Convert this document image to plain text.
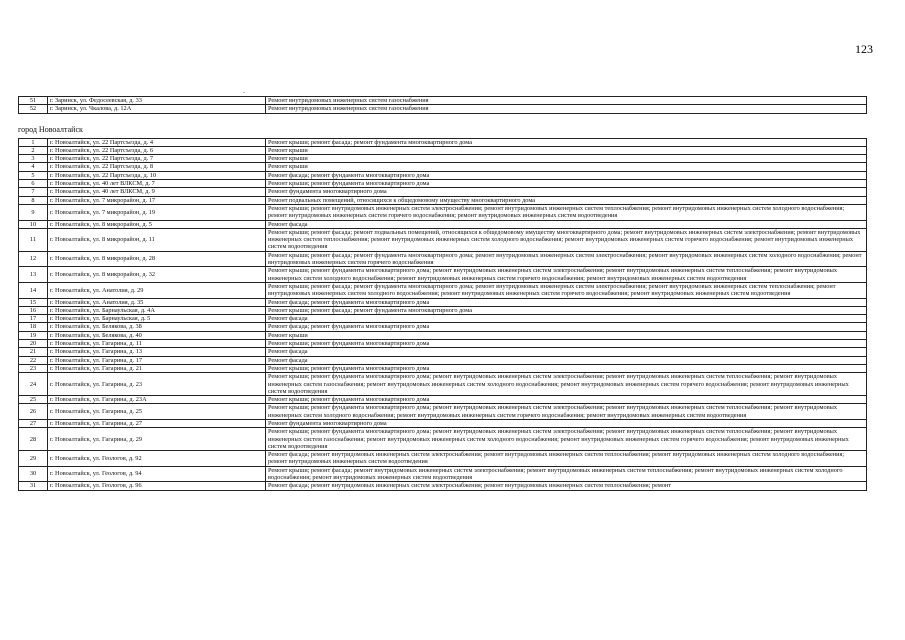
123
.
51	г. Заринск, ул. Федосеевская, д. 33	Ремонт внутридомовых инженерных систем газоснабжения
52	г. Заринск, ул. Чкалова, д. 12А	Ремонт внутридомовых инженерных систем газоснабжения
город Новоалтайск
1	г. Новоалтайск, ул. 22 Партсъезда, д. 4	Ремонт крыши; ремонт фасада; ремонт фундамента многоквартирного дома
2	г. Новоалтайск, ул. 22 Партсъезда, д. 6	Ремонт крыши
3	г. Новоалтайск, ул. 22 Партсъезда, д. 7	Ремонт крыши
4	г. Новоалтайск, ул. 22 Партсъезда, д. 8	Ремонт крыши
5	г. Новоалтайск, ул. 22 Партсъезда, д. 10	Ремонт фасада; ремонт фундамента многоквартирного дома
6	г. Новоалтайск, ул. 40 лет ВЛКСМ, д. 7	Ремонт крыши; ремонт фундамента многоквартирного дома
7	г. Новоалтайск, ул. 40 лет ВЛКСМ, д. 9	Ремонт фундамента многоквартирного дома
8	г. Новоалтайск, ул. 7 микрорайон, д. 17	Ремонт подвальных помещений, относящихся к общедомовому имуществу многоквартирного дома
9	г. Новоалтайск, ул. 7 микрорайон, д. 19
Ремонт крыши; ремонт внутридомовых инженерных систем электроснабжения; ремонт внутридомовых инженерных систем теплоснабжения; ремонт внутридомовых инженерных систем холодного водоснабжения; ремонт внутридомовых инженерных систем горячего водоснабжения; ремонт внутридомовых инженерных систем водоотведения
10	г. Новоалтайск, ул. 8 микрорайон, д. 5	Ремонт фасада
11	г. Новоалтайск, ул. 8 микрорайон, д. 11
Ремонт крыши; ремонт фасада; ремонт подвальных помещений, относящихся к общедомовому имуществу многоквартирного дома; ремонт внутридомовых инженерных систем электроснабжения; ремонт внутридомовых инженерных систем теплоснабжения; ремонт внутридомовых инженерных систем холодного водоснабжения; ремонт внутридомовых инженерных систем горячего водоснабжения; ремонт внутридомовых инженерных систем водоотведения
12	г. Новоалтайск, ул. 8 микрорайон, д. 28
Ремонт крыши; ремонт фасада; ремонт фундамента многоквартирного дома; ремонт внутридомовых инженерных систем электроснабжения; ремонт внутридомовых инженерных систем холодного водоснабжения; ремонт внутридомовых инженерных систем горячего водоснабжения
13	г. Новоалтайск, ул. 8 микрорайон, д. 32
Ремонт крыши; ремонт фундамента многоквартирного дома; ремонт внутридомовых инженерных систем электроснабжения; ремонт внутридомовых инженерных систем теплоснабжения; ремонт внутридомовых инженерных систем холодного водоснабжения; ремонт внутридомовых инженерных систем горячего водоснабжения; ремонт внутридомовых инженерных систем водоотведения
14	г. Новоалтайск, ул. Анатолия, д. 29
Ремонт крыши; ремонт фасада; ремонт фундамента многоквартирного дома; ремонт внутридомовых инженерных систем электроснабжения; ремонт внутридомовых инженерных систем теплоснабжения; ремонт внутридомовых инженерных систем холодного водоснабжения; ремонт внутридомовых инженерных систем горячего водоснабжения; ремонт внутридомовых инженерных систем водоотведения
15	г. Новоалтайск, ул. Анатолия, д. 35	Ремонт фасада; ремонт фундамента многоквартирного дома
16	г. Новоалтайск, ул. Барнаульская, д. 4А	Ремонт крыши; ремонт фасада; ремонт фундамента многоквартирного дома
17	г. Новоалтайск, ул. Барнаульская, д. 5	Ремонт фасада
18	г. Новоалтайск, ул. Белякова, д. 38	Ремонт фасада; ремонт фундамента многоквартирного дома
19	г. Новоалтайск, ул. Белякова, д. 40	Ремонт крыши
20	г. Новоалтайск, ул. Гагарина, д. 11	Ремонт крыши; ремонт фундамента многоквартирного дома
21	г. Новоалтайск, ул. Гагарина, д. 13	Ремонт фасада
22	г. Новоалтайск, ул. Гагарина, д. 17	Ремонт фасада
23	г. Новоалтайск, ул. Гагарина, д. 21	Ремонт крыши; ремонт фундамента многоквартирного дома
24	г. Новоалтайск, ул. Гагарина, д. 23
Ремонт крыши; ремонт фундамента многоквартирного дома; ремонт внутридомовых инженерных систем электроснабжения; ремонт внутридомовых инженерных систем теплоснабжения; ремонт внутридомовых инженерных систем газоснабжения; ремонт внутридомовых инженерных систем холодного водоснабжения; ремонт внутридомовых инженерных систем горячего водоснабжения; ремонт внутридомовых инженерных систем водоотведения
25	г. Новоалтайск, ул. Гагарина, д. 23А	Ремонт крыши; ремонт фундамента многоквартирного дома
26	г. Новоалтайск, ул. Гагарина, д. 25
Ремонт крыши; ремонт фундамента многоквартирного дома; ремонт внутридомовых инженерных систем электроснабжения; ремонт внутридомовых инженерных систем теплоснабжения; ремонт внутридомовых инженерных систем холодного водоснабжения; ремонт внутридомовых инженерных систем горячего водоснабжения; ремонт внутридомовых инженерных систем водоотведения
27	г. Новоалтайск, ул. Гагарина, д. 27	Ремонт фундамента многоквартирного дома
28	г. Новоалтайск, ул. Гагарина, д. 29
Ремонт крыши; ремонт фундамента многоквартирного дома; ремонт внутридомовых инженерных систем электроснабжения; ремонт внутридомовых инженерных систем теплоснабжения; ремонт внутридомовых инженерных систем газоснабжения; ремонт внутридомовых инженерных систем холодного водоснабжения; ремонт внутридомовых инженерных систем горячего водоснабжения; ремонт внутридомовых инженерных систем водоотведения
29	г. Новоалтайск, ул. Геологов, д. 92
Ремонт фасада; ремонт внутридомовых инженерных систем электроснабжения; ремонт внутридомовых инженерных систем теплоснабжения; ремонт внутридомовых инженерных систем холодного водоснабжения; ремонт внутридомовых инженерных систем водоотведения
30	г. Новоалтайск, ул. Геологов, д. 94
Ремонт крыши; ремонт фасада; ремонт внутридомовых инженерных систем электроснабжения; ремонт внутридомовых инженерных систем теплоснабжения; ремонт внутридомовых инженерных систем холодного водоснабжения; ремонт внутридомовых инженерных систем водоотведения
31	г. Новоалтайск, ул. Геологов, д. 96	Ремонт фасада; ремонт внутридомовых инженерных систем электроснабжения; ремонт внутридомовых инженерных систем теплоснабжения; ремонт
